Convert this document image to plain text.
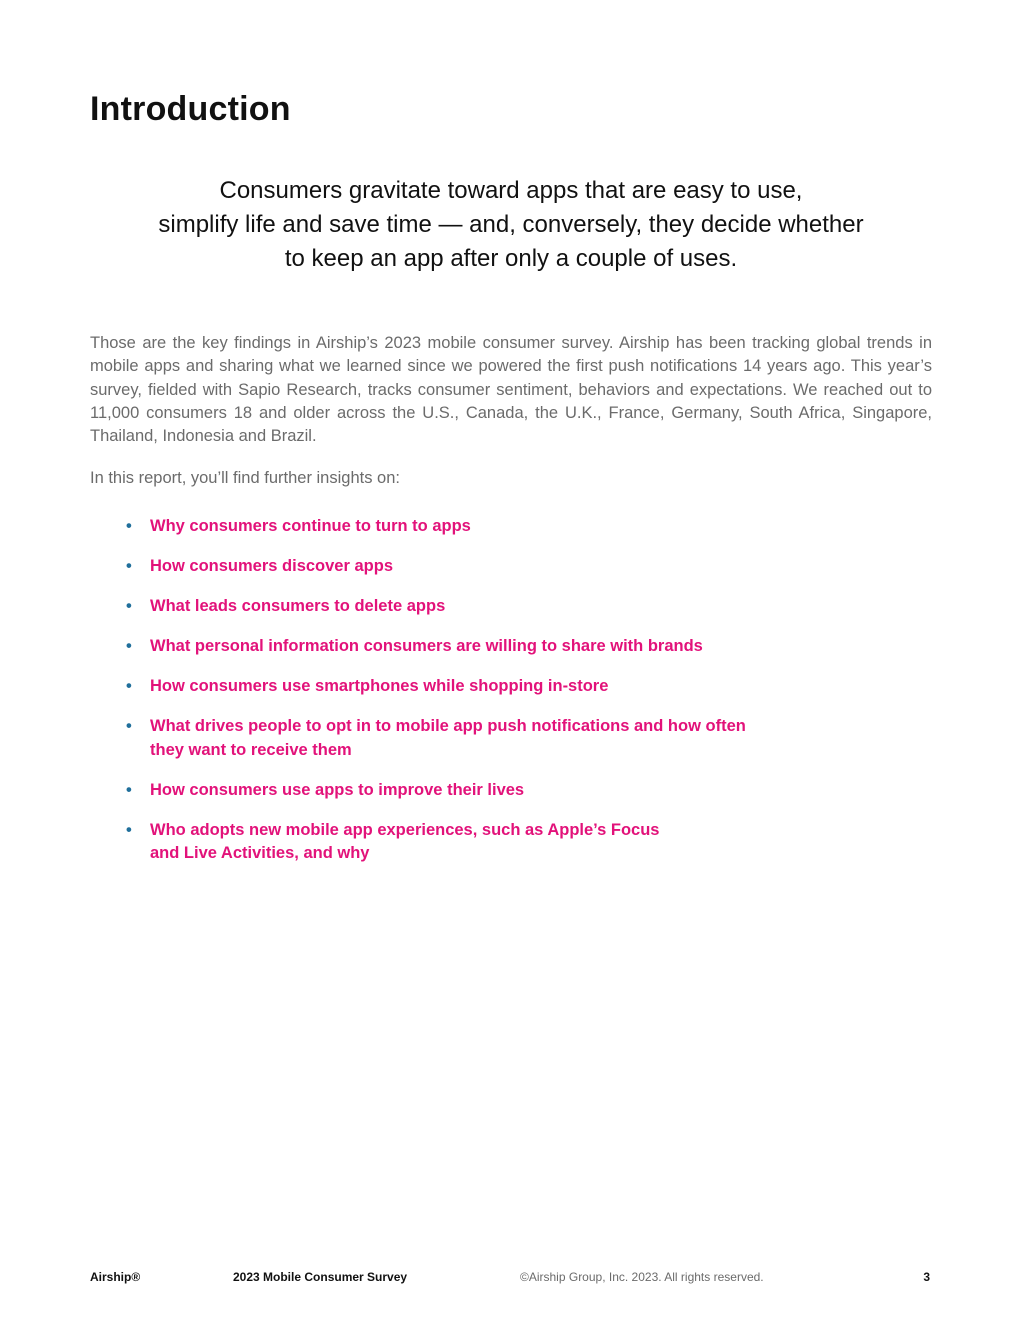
Introduction
Consumers gravitate toward apps that are easy to use,
simplify life and save time — and, conversely, they decide whether
to keep an app after only a couple of uses.

Those are the key findings in Airship’s 2023 mobile consumer survey. Airship has been tracking global trends in mobile apps and sharing what we learned since we powered the first push notifications 14 years ago. This year’s survey, fielded with Sapio Research, tracks consumer sentiment, behaviors and expectations. We reached out to 11,000 consumers 18 and older across the U.S., Canada, the U.K., France, Germany, South Africa, Singapore, Thailand, Indonesia and Brazil.

In this report, you’ll find further insights on:

• Why consumers continue to turn to apps
• How consumers discover apps
• What leads consumers to delete apps
• What personal information consumers are willing to share with brands
• How consumers use smartphones while shopping in-store
• What drives people to opt in to mobile app push notifications and how often
they want to receive them
• How consumers use apps to improve their lives
• Who adopts new mobile app experiences, such as Apple’s Focus
and Live Activities, and why
Airship®	2023 Mobile Consumer Survey	©Airship Group, Inc. 2023. All rights reserved.	3
